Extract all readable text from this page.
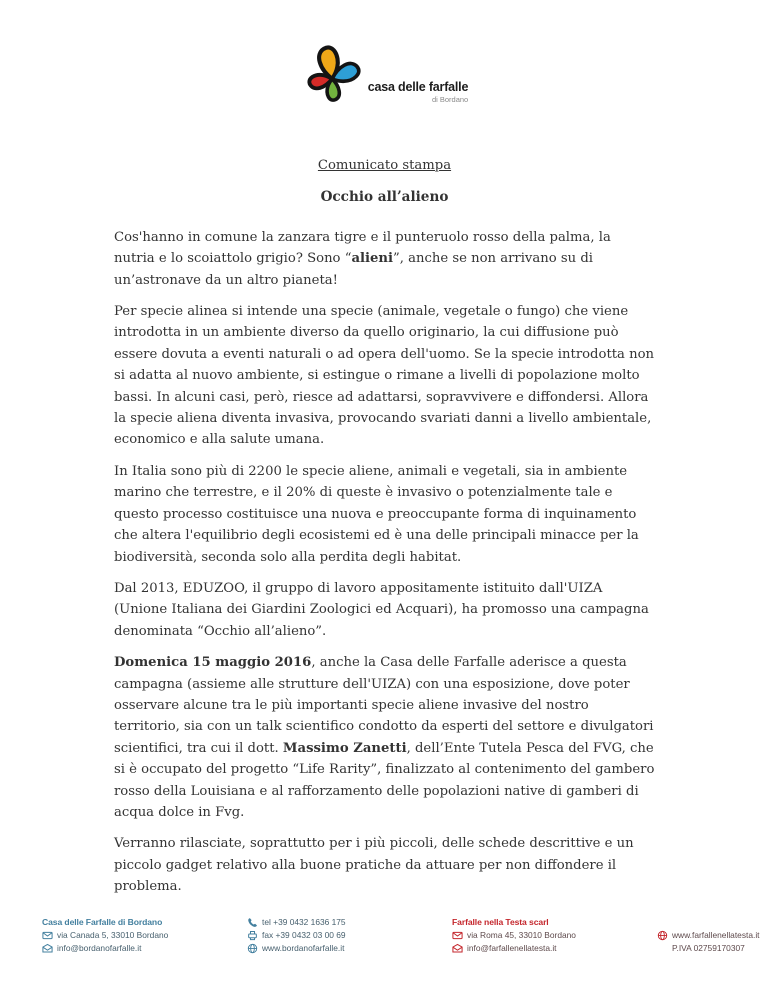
casa delle farfalle
di Bordano
Comunicato stampa
Occhio all’alieno

Cos'hanno in comune la zanzara tigre e il punteruolo rosso della palma, la nutria e lo scoiattolo grigio? Sono “alieni”, anche se non arrivano su di un’astronave da un altro pianeta!

Per specie alinea si intende una specie (animale, vegetale o fungo) che viene introdotta in un ambiente diverso da quello originario, la cui diffusione può essere dovuta a eventi naturali o ad opera dell'uomo. Se la specie introdotta non si adatta al nuovo ambiente, si estingue o rimane a livelli di popolazione molto bassi. In alcuni casi, però, riesce ad adattarsi, sopravvivere e diffondersi. Allora la specie aliena diventa invasiva, provocando svariati danni a livello ambientale, economico e alla salute umana.

In Italia sono più di 2200 le specie aliene, animali e vegetali, sia in ambiente marino che terrestre, e il 20% di queste è invasivo o potenzialmente tale e questo processo costituisce una nuova e preoccupante forma di inquinamento che altera l'equilibrio degli ecosistemi ed è una delle principali minacce per la biodiversità, seconda solo alla perdita degli habitat.

Dal 2013, EDUZOO, il gruppo di lavoro appositamente istituito dall'UIZA (Unione Italiana dei Giardini Zoologici ed Acquari), ha promosso una campagna denominata “Occhio all’alieno”.

Domenica 15 maggio 2016, anche la Casa delle Farfalle aderisce a questa campagna (assieme alle strutture dell'UIZA) con una esposizione, dove poter osservare alcune tra le più importanti specie aliene invasive del nostro territorio, sia con un talk scientifico condotto da esperti del settore e divulgatori scientifici, tra cui il dott. Massimo Zanetti, dell’Ente Tutela Pesca del FVG, che si è occupato del progetto “Life Rarity”, finalizzato al contenimento del gambero rosso della Louisiana e al rafforzamento delle popolazioni native di gamberi di acqua dolce in Fvg.

Verranno rilasciate, soprattutto per i più piccoli, delle schede descrittive e un piccolo gadget relativo alla buone pratiche da attuare per non diffondere il problema.

Casa delle Farfalle di Bordano
via Canada 5, 33010 Bordano
info@bordanofarfalle.it
tel +39 0432 1636 175
fax +39 0432 03 00 69
www.bordanofarfalle.it
Farfalle nella Testa scarl
via Roma 45, 33010 Bordano
info@farfallenellatesta.it
www.farfallenellatesta.it
P.IVA 02759170307
